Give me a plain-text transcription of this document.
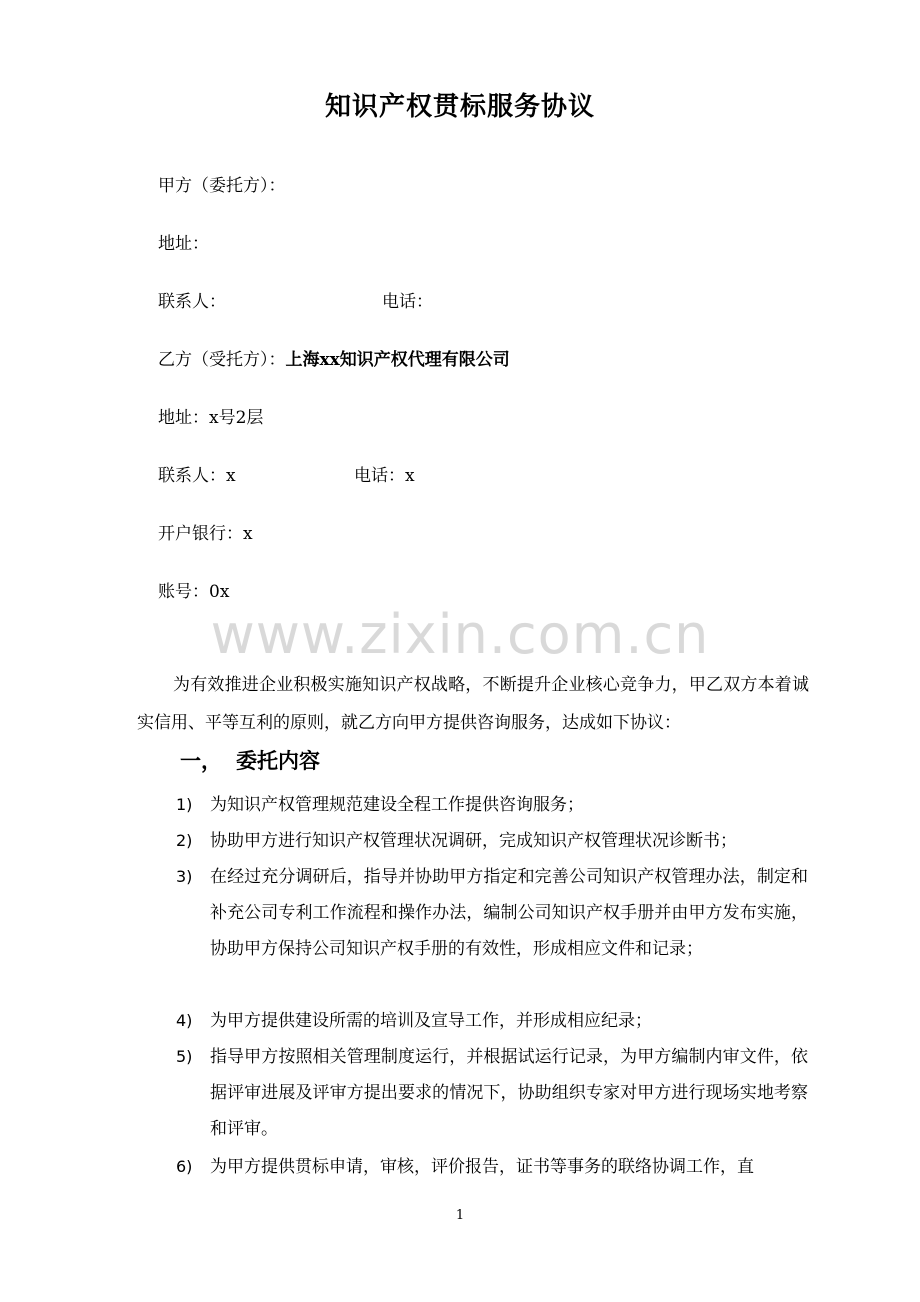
知识产权贯标服务协议
甲方（委托方）：
地址：
联系人：	电话：
乙方（受托方）：上海xx知识产权代理有限公司
地址：x号2层
联系人：x	电话：x
开户银行：x
账号：0x
www.zixin.com.cn
为有效推进企业积极实施知识产权战略，不断提升企业核心竞争力，甲乙双方本着诚实信用、平等互利的原则，就乙方向甲方提供咨询服务，达成如下协议：
一， 委托内容
1) 为知识产权管理规范建设全程工作提供咨询服务；
2) 协助甲方进行知识产权管理状况调研，完成知识产权管理状况诊断书；
3) 在经过充分调研后，指导并协助甲方指定和完善公司知识产权管理办法，制定和补充公司专利工作流程和操作办法，编制公司知识产权手册并由甲方发布实施，协助甲方保持公司知识产权手册的有效性，形成相应文件和记录；
4) 为甲方提供建设所需的培训及宣导工作，并形成相应纪录；
5) 指导甲方按照相关管理制度运行，并根据试运行记录，为甲方编制内审文件，依据评审进展及评审方提出要求的情况下，协助组织专家对甲方进行现场实地考察和评审。
6) 为甲方提供贯标申请，审核，评价报告，证书等事务的联络协调工作，直
1
